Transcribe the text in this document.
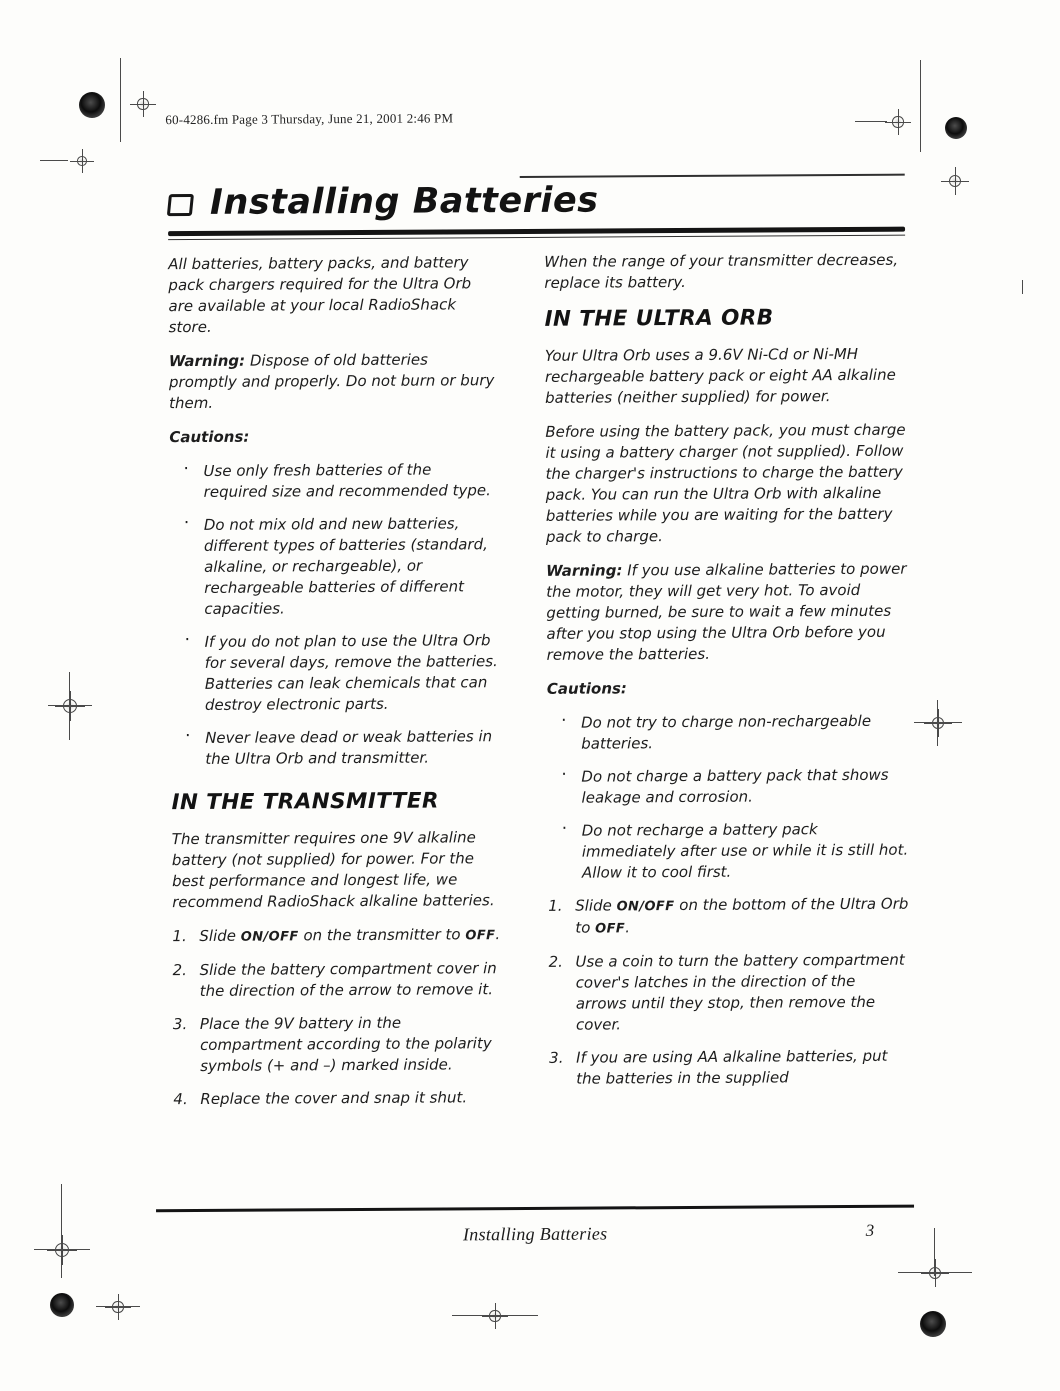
60-4286.fm Page 3 Thursday, June 21, 2001 2:46 PM
Installing Batteries

All batteries, battery packs, and battery pack chargers required for the Ultra Orb are available at your local RadioShack store.

Warning: Dispose of old batteries promptly and properly. Do not burn or bury them.

Cautions:

· Use only fresh batteries of the required size and recommended type.
· Do not mix old and new batteries, different types of batteries (standard, alkaline, or rechargeable), or rechargeable batteries of different capacities.
· If you do not plan to use the Ultra Orb for several days, remove the batteries. Batteries can leak chemicals that can destroy electronic parts.
· Never leave dead or weak batteries in the Ultra Orb and transmitter.
IN THE TRANSMITTER

The transmitter requires one 9V alkaline battery (not supplied) for power. For the best performance and longest life, we recommend RadioShack alkaline batteries.

1. Slide ON/OFF on the transmitter to OFF.
2. Slide the battery compartment cover in the direction of the arrow to remove it.
3. Place the 9V battery in the compartment according to the polarity symbols (+ and –) marked inside.
4. Replace the cover and snap it shut.

When the range of your transmitter decreases, replace its battery.

IN THE ULTRA ORB

Your Ultra Orb uses a 9.6V Ni-Cd or Ni-MH rechargeable battery pack or eight AA alkaline batteries (neither supplied) for power.

Before using the battery pack, you must charge it using a battery charger (not supplied). Follow the charger's instructions to charge the battery pack. You can run the Ultra Orb with alkaline batteries while you are waiting for the battery pack to charge.

Warning: If you use alkaline batteries to power the motor, they will get very hot. To avoid getting burned, be sure to wait a few minutes after you stop using the Ultra Orb before you remove the batteries.

Cautions:

· Do not try to charge non-rechargeable batteries.
· Do not charge a battery pack that shows leakage and corrosion.
· Do not recharge a battery pack immediately after use or while it is still hot. Allow it to cool first.
1. Slide ON/OFF on the bottom of the Ultra Orb to OFF.
2. Use a coin to turn the battery compartment cover's latches in the direction of the arrows until they stop, then remove the cover.
3. If you are using AA alkaline batteries, put the batteries in the supplied
Installing Batteries	3
